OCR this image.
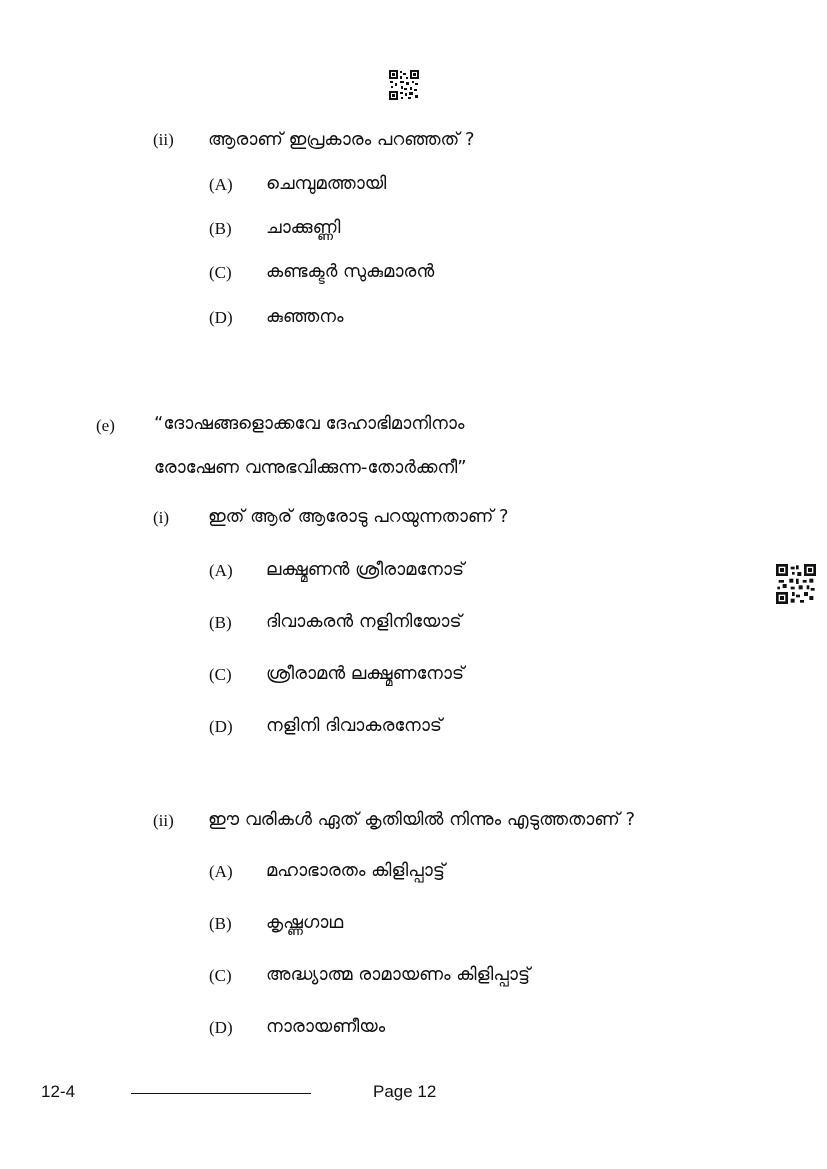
(ii) ആരാണ് ഇപ്രകാരം പറഞ്ഞത് ?
(A) ചെമ്പുമത്തായി
(B) ചാക്കുണ്ണി
(C) കണ്ടക്ടർ സുകുമാരൻ
(D) കുഞ്ഞനം
(e) “ദോഷങ്ങളൊക്കവേ ദേഹാഭിമാനിനാം
രോഷേണ വന്നുഭവിക്കുന്ന-തോർക്കനീ”
(i) ഇത് ആര് ആരോടു പറയുന്നതാണ് ?
(A) ലക്ഷ്മണൻ ശ്രീരാമനോട്
(B) ദിവാകരൻ നളിനിയോട്
(C) ശ്രീരാമൻ ലക്ഷ്മണനോട്
(D) നളിനി ദിവാകരനോട്
(ii) ഈ വരികൾ ഏത് കൃതിയിൽ നിന്നും എടുത്തതാണ് ?
(A) മഹാഭാരതം കിളിപ്പാട്ട്
(B) കൃഷ്ണഗാഥ
(C) അദ്ധ്യാത്മ രാമായണം കിളിപ്പാട്ട്
(D) നാരായണീയം
12-4	Page 12
